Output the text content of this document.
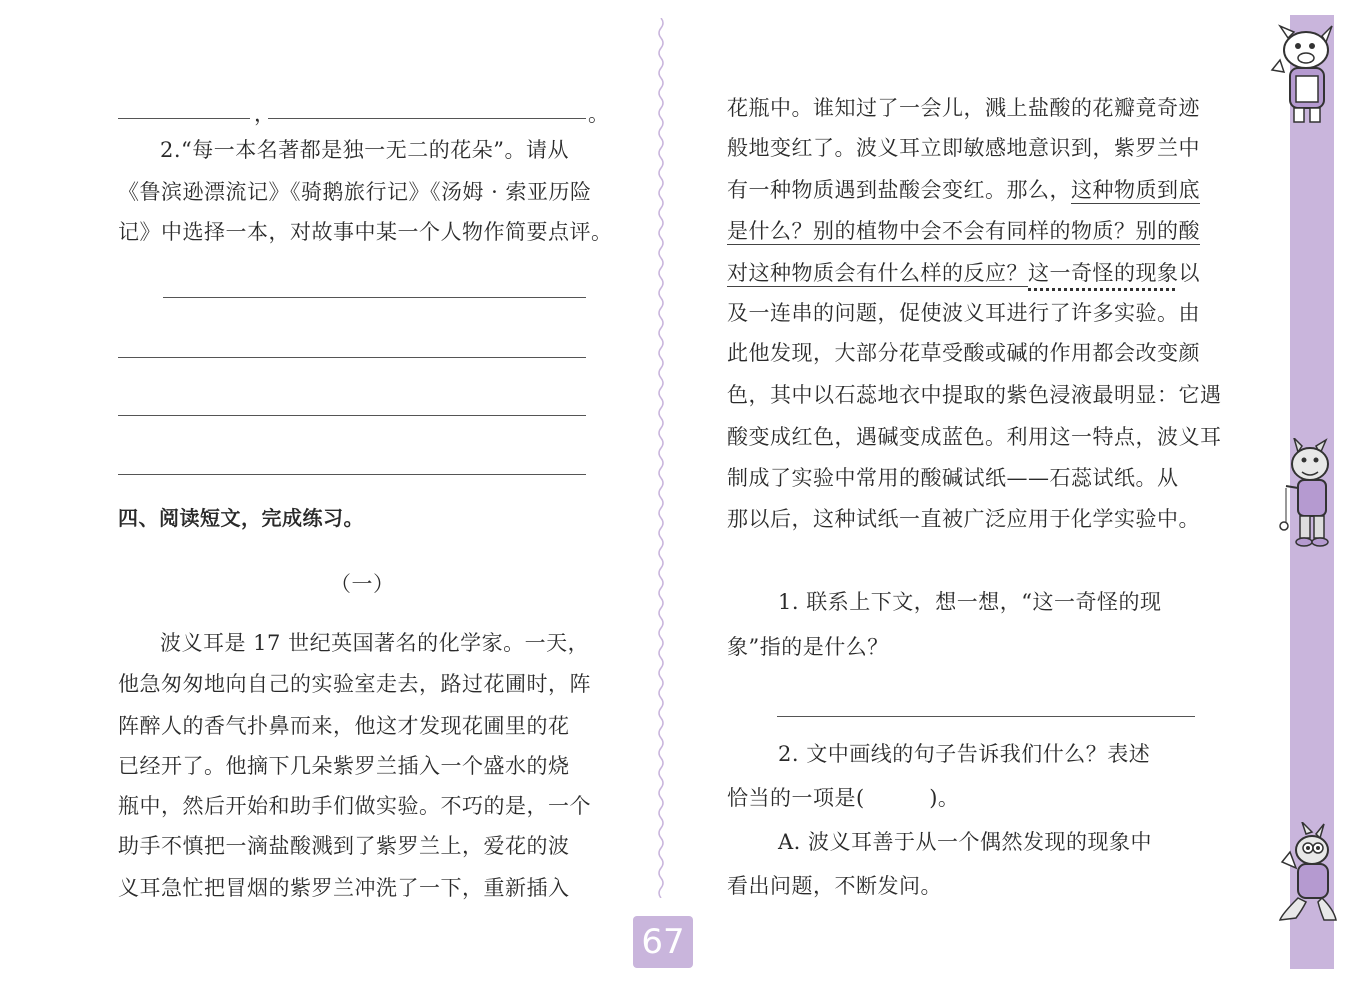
，	。
2.“每一本名著都是独一无二的花朵”。请从
《鲁滨逊漂流记》《骑鹅旅行记》《汤姆 · 索亚历险
记》中选择一本，对故事中某一个人物作简要点评。
四、阅读短文，完成练习。
（一）
波义耳是 17 世纪英国著名的化学家。一天，
他急匆匆地向自己的实验室走去，路过花圃时，阵
阵醉人的香气扑鼻而来，他这才发现花圃里的花
已经开了。他摘下几朵紫罗兰插入一个盛水的烧
瓶中，然后开始和助手们做实验。不巧的是，一个
助手不慎把一滴盐酸溅到了紫罗兰上，爱花的波
义耳急忙把冒烟的紫罗兰冲洗了一下，重新插入
花瓶中。谁知过了一会儿，溅上盐酸的花瓣竟奇迹
般地变红了。波义耳立即敏感地意识到，紫罗兰中
有一种物质遇到盐酸会变红。那么，这种物质到底
是什么？别的植物中会不会有同样的物质？别的酸
对这种物质会有什么样的反应？这一奇怪的现象以
及一连串的问题，促使波义耳进行了许多实验。由
此他发现，大部分花草受酸或碱的作用都会改变颜
色，其中以石蕊地衣中提取的紫色浸液最明显：它遇
酸变成红色，遇碱变成蓝色。利用这一特点，波义耳
制成了实验中常用的酸碱试纸——石蕊试纸。从
那以后，这种试纸一直被广泛应用于化学实验中。
1. 联系上下文，想一想，“这一奇怪的现
象”指的是什么？
2. 文中画线的句子告诉我们什么？表述
恰当的一项是(　　　)。
A. 波义耳善于从一个偶然发现的现象中
看出问题，不断发问。
67
